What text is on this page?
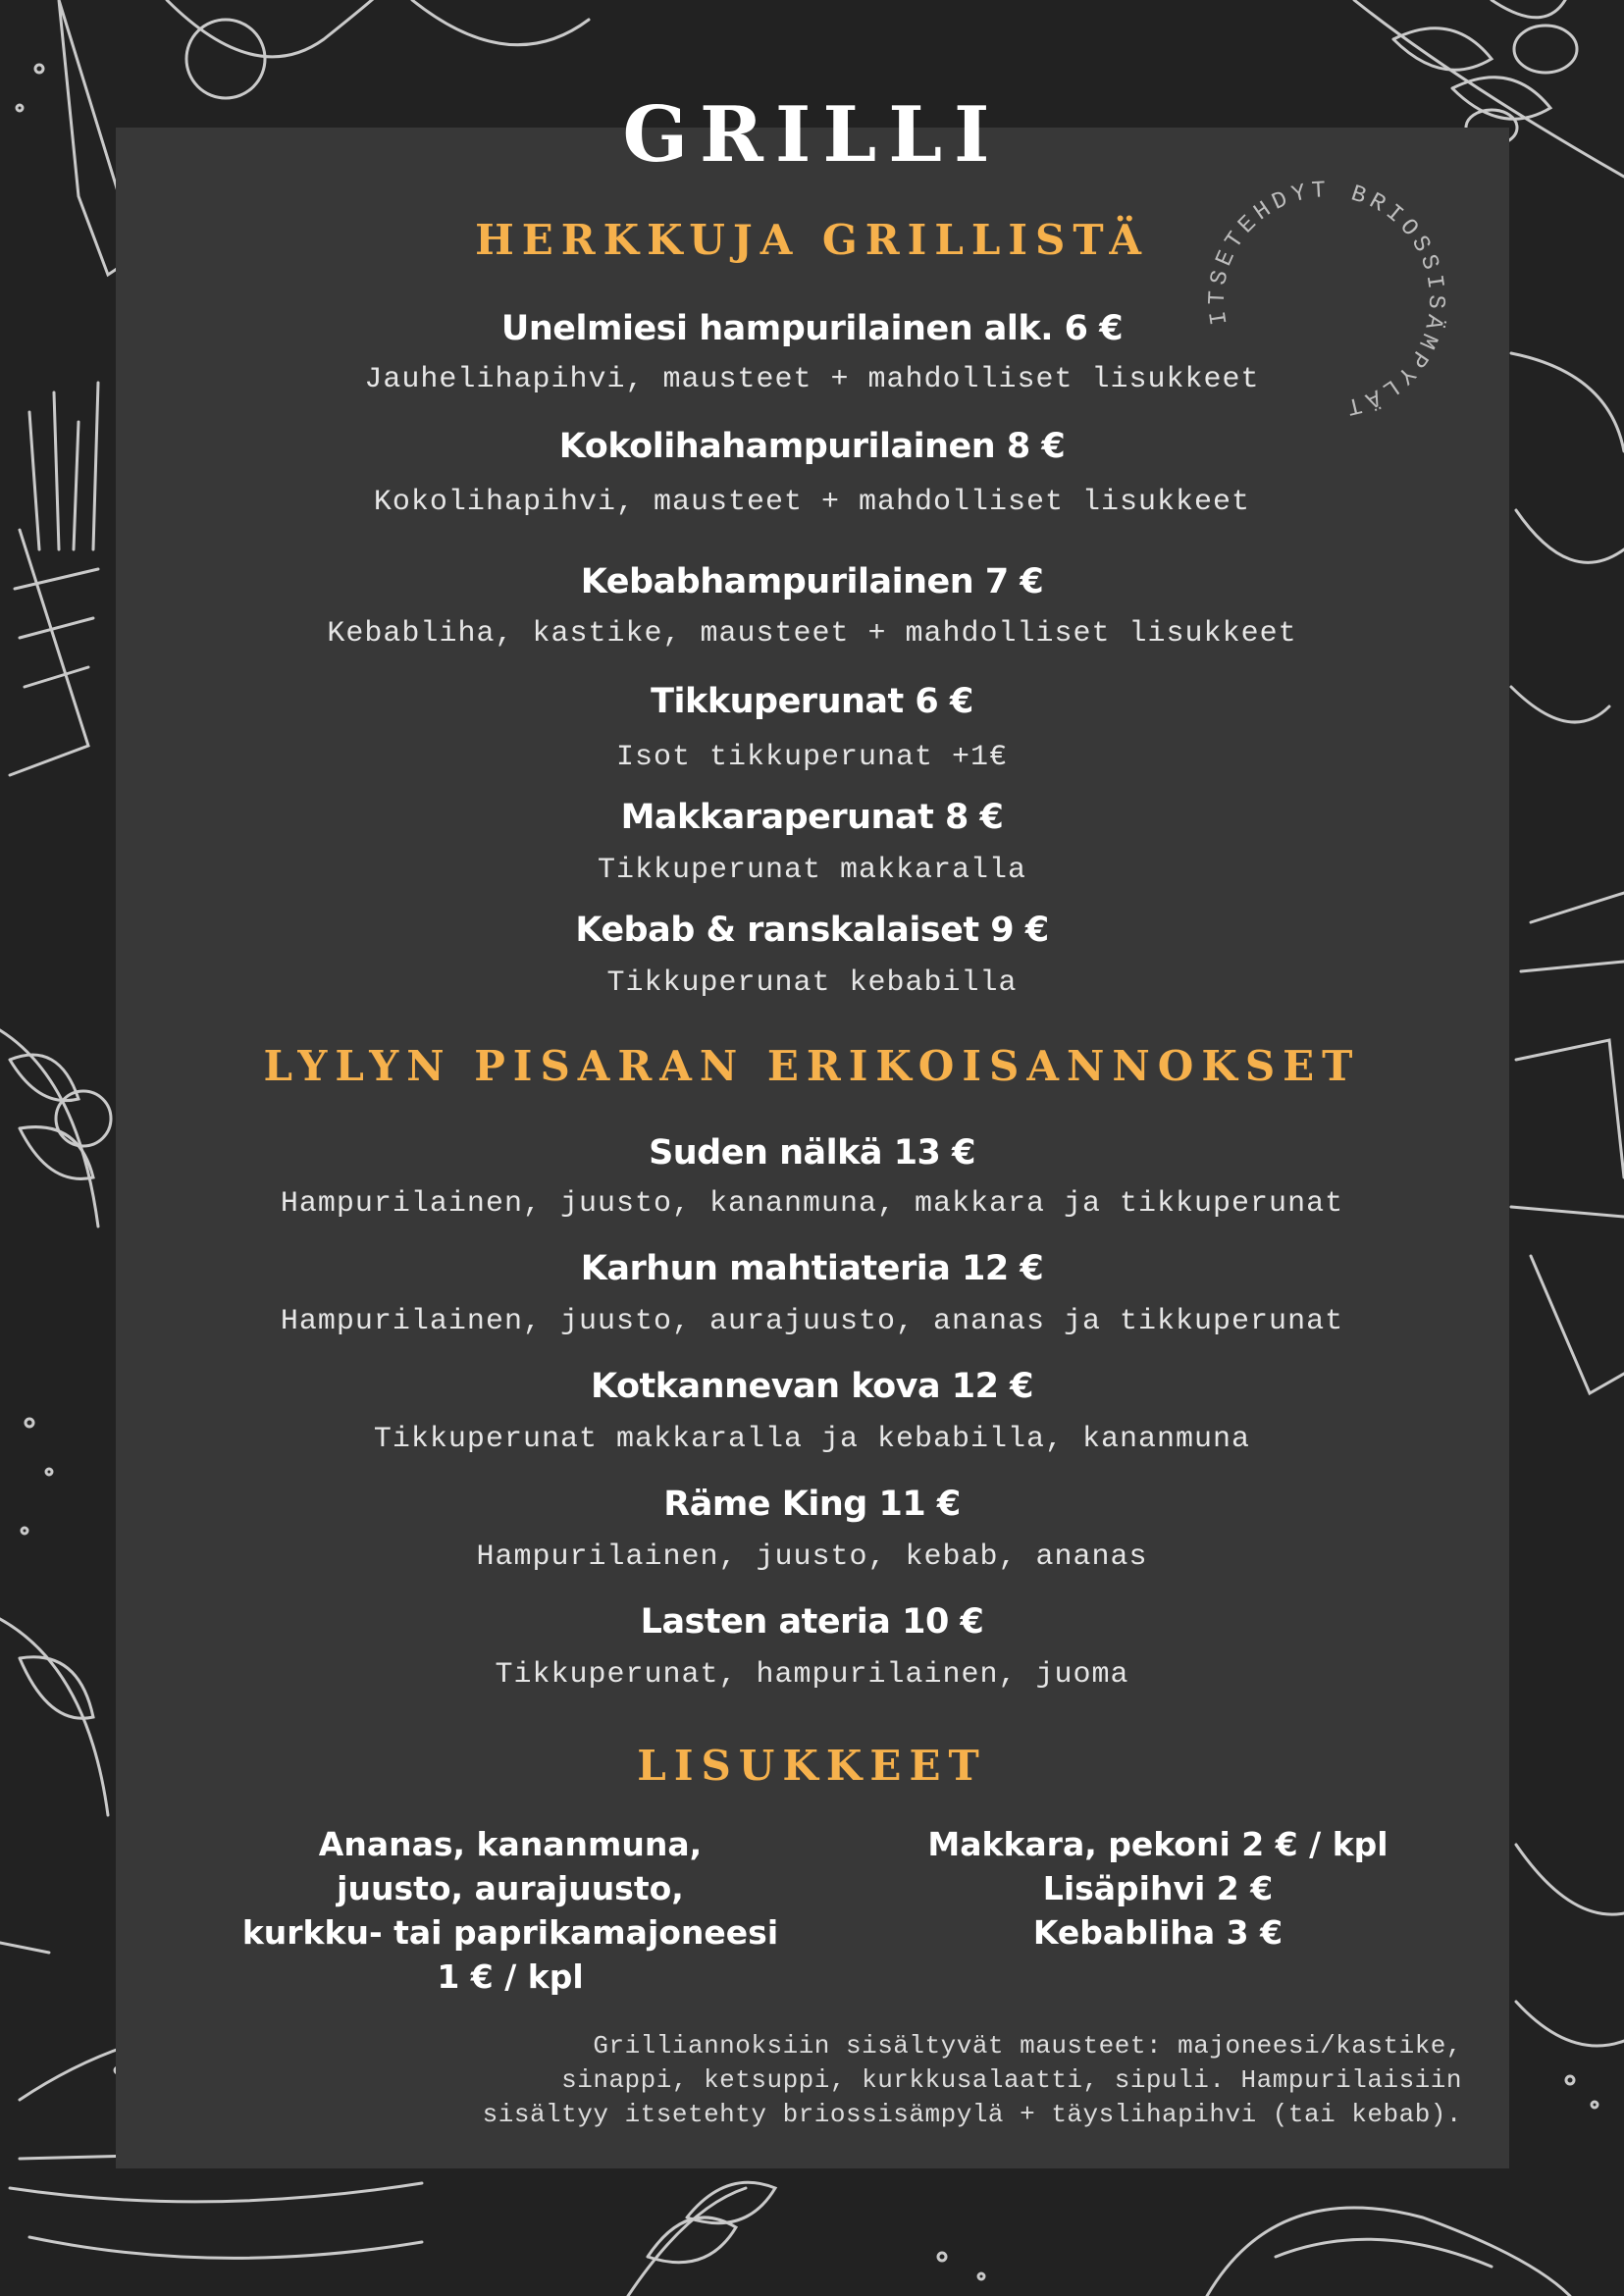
ITSETEHDYT BRIOSSISÄMPYLÄT
GRILLI
HERKKUJA GRILLISTÄ
Unelmiesi hampurilainen alk. 6 €
Jauhelihapihvi, mausteet + mahdolliset lisukkeet
Kokolihahampurilainen 8 €
Kokolihapihvi, mausteet + mahdolliset lisukkeet
Kebabhampurilainen 7 €
Kebabliha, kastike, mausteet + mahdolliset lisukkeet
Tikkuperunat 6 €
Isot tikkuperunat +1€
Makkaraperunat 8 €
Tikkuperunat makkaralla
Kebab & ranskalaiset 9 €
Tikkuperunat kebabilla
LYLYN PISARAN ERIKOISANNOKSET
Suden nälkä 13 €
Hampurilainen, juusto, kananmuna, makkara ja tikkuperunat
Karhun mahtiateria 12 €
Hampurilainen, juusto, aurajuusto, ananas ja tikkuperunat
Kotkannevan kova 12 €
Tikkuperunat makkaralla ja kebabilla, kananmuna
Räme King 11 €
Hampurilainen, juusto, kebab, ananas
Lasten ateria 10 €
Tikkuperunat, hampurilainen, juoma
LISUKKEET
Ananas, kananmuna,
juusto, aurajuusto,
kurkku- tai paprikamajoneesi
1 € / kpl
Makkara, pekoni 2 € / kpl
Lisäpihvi 2 €
Kebabliha 3 €
Grilliannoksiin sisältyvät mausteet: majoneesi/kastike,
sinappi, ketsuppi, kurkkusalaatti, sipuli. Hampurilaisiin
sisältyy itsetehty briossisämpylä + täyslihapihvi (tai kebab).
